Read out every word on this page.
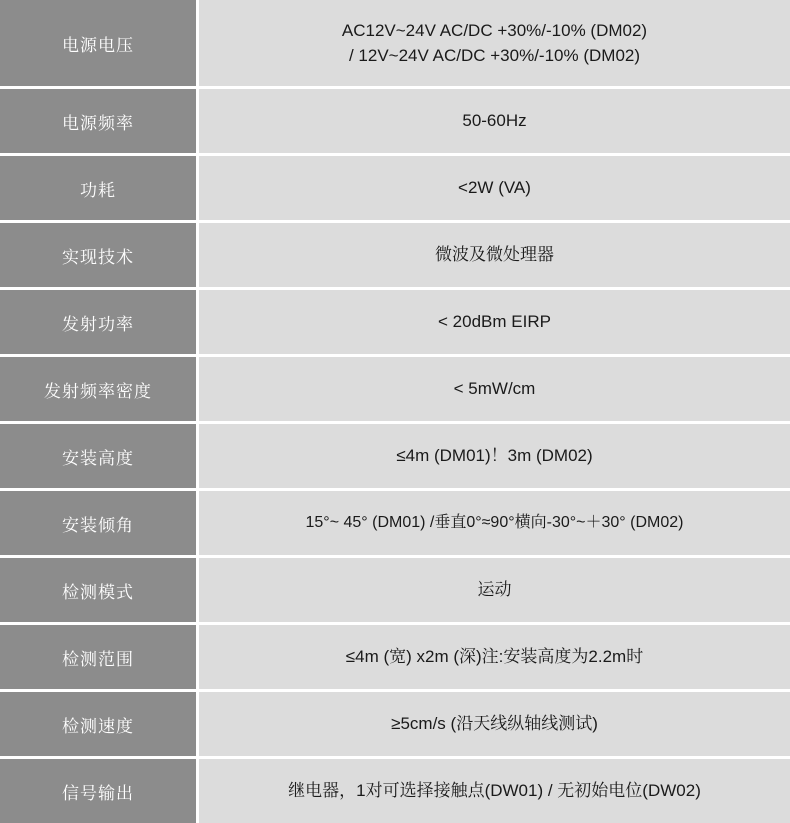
电源电压	AC12V~24V AC/DC +30%/-10% (DM02)
/ 12V~24V AC/DC +30%/-10% (DM02)

电源频率	50-60Hz

功耗	<2W (VA)

实现技术	微波及微处理器

发射功率	< 20dBm EIRP

发射频率密度	< 5mW/cm

安装高度	≤4m (DM01)！3m (DM02)

安装倾角	15°~ 45° (DM01) /垂直0°≈90°横向-30°~＋30° (DM02)

检测模式	运动

检测范围	≤4m (宽) x2m (深)注:安装高度为2.2m时

检测速度	≥5cm/s (沿天线纵轴线测试)

信号输出	继电器，1对可选择接触点(DW01) / 无初始电位(DW02)
